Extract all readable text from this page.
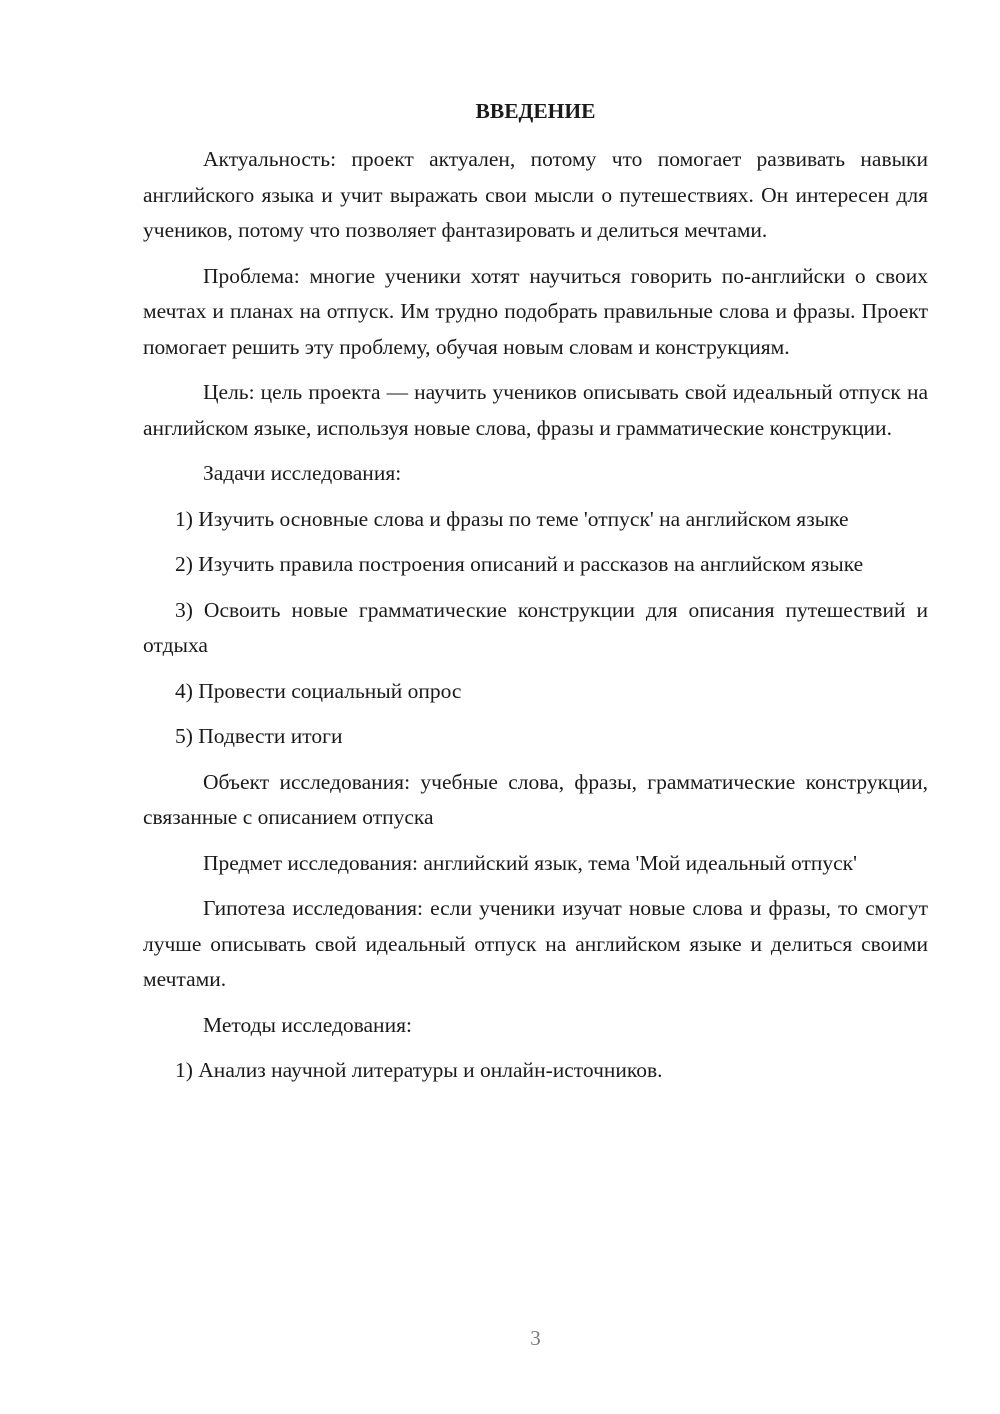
ВВЕДЕНИЕ

Актуальность: проект актуален, потому что помогает развивать навыки английского языка и учит выражать свои мысли о путешествиях. Он интересен для учеников, потому что позволяет фантазировать и делиться мечтами.

Проблема: многие ученики хотят научиться говорить по-английски о своих мечтах и планах на отпуск. Им трудно подобрать правильные слова и фразы. Проект помогает решить эту проблему, обучая новым словам и конструкциям.

Цель: цель проекта — научить учеников описывать свой идеальный отпуск на английском языке, используя новые слова, фразы и грамматические конструкции.

Задачи исследования:

1) Изучить основные слова и фразы по теме 'отпуск' на английском языке

2) Изучить правила построения описаний и рассказов на английском языке

3) Освоить новые грамматические конструкции для описания путешествий и отдыха

4) Провести социальный опрос

5) Подвести итоги

Объект исследования: учебные слова, фразы, грамматические конструкции, связанные с описанием отпуска

Предмет исследования: английский язык, тема 'Мой идеальный отпуск'

Гипотеза исследования: если ученики изучат новые слова и фразы, то смогут лучше описывать свой идеальный отпуск на английском языке и делиться своими мечтами.

Методы исследования:

1) Анализ научной литературы и онлайн-источников.

3
